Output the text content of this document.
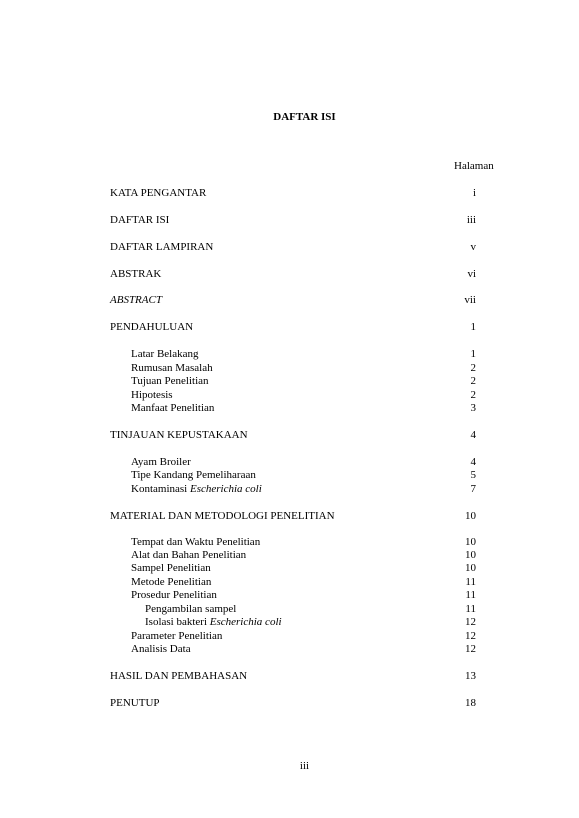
DAFTAR ISI
Halaman
KATA PENGANTAR	i
DAFTAR ISI	iii
DAFTAR LAMPIRAN	v
ABSTRAK	vi
ABSTRACT	vii
PENDAHULUAN	1
Latar Belakang	1
Rumusan Masalah	2
Tujuan Penelitian	2
Hipotesis	2
Manfaat Penelitian	3
TINJAUAN KEPUSTAKAAN	4
Ayam Broiler	4
Tipe Kandang Pemeliharaan	5
Kontaminasi Escherichia coli	7
MATERIAL DAN METODOLOGI PENELITIAN	10
Tempat dan Waktu Penelitian	10
Alat dan Bahan Penelitian	10
Sampel Penelitian	10
Metode Penelitian	11
Prosedur Penelitian	11
Pengambilan sampel	11
Isolasi bakteri Escherichia coli	12
Parameter Penelitian	12
Analisis Data	12
HASIL DAN PEMBAHASAN	13
PENUTUP	18
iii
